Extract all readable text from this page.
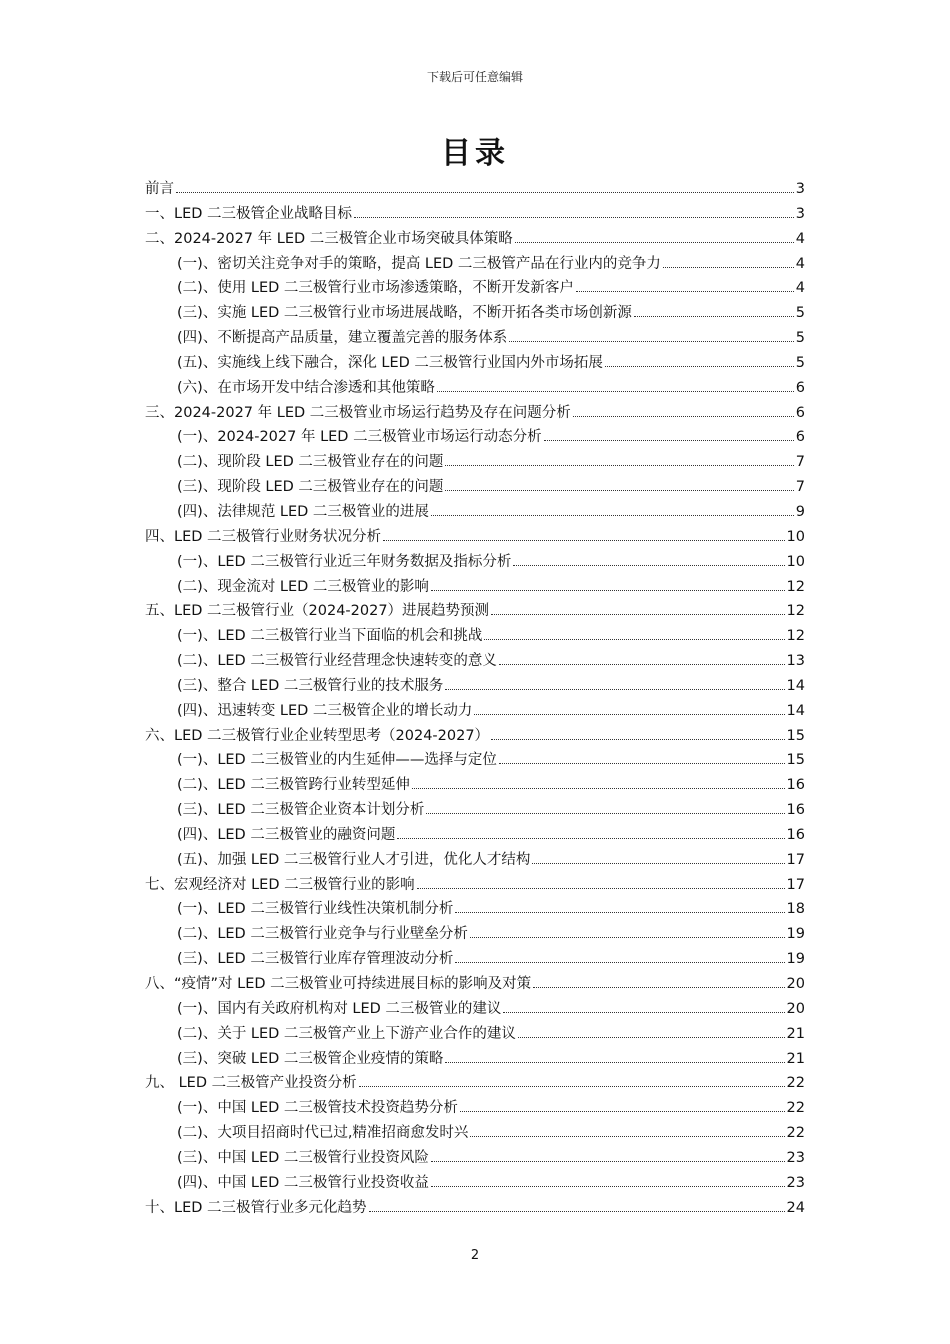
下载后可任意编辑
目录
前言	3
一、LED 二三极管企业战略目标	3
二、2024-2027 年 LED 二三极管企业市场突破具体策略	4
(一)、密切关注竞争对手的策略，提高 LED 二三极管产品在行业内的竞争力	4
(二)、使用 LED 二三极管行业市场渗透策略，不断开发新客户	4
(三)、实施 LED 二三极管行业市场进展战略，不断开拓各类市场创新源	5
(四)、不断提高产品质量，建立覆盖完善的服务体系	5
(五)、实施线上线下融合，深化 LED 二三极管行业国内外市场拓展	5
(六)、在市场开发中结合渗透和其他策略	6
三、2024-2027 年 LED 二三极管业市场运行趋势及存在问题分析	6
(一)、2024-2027 年 LED 二三极管业市场运行动态分析	6
(二)、现阶段 LED 二三极管业存在的问题	7
(三)、现阶段 LED 二三极管业存在的问题	7
(四)、法律规范 LED 二三极管业的进展	9
四、LED 二三极管行业财务状况分析	10
(一)、LED 二三极管行业近三年财务数据及指标分析	10
(二)、现金流对 LED 二三极管业的影响	12
五、LED 二三极管行业（2024-2027）进展趋势预测	12
(一)、LED 二三极管行业当下面临的机会和挑战	12
(二)、LED 二三极管行业经营理念快速转变的意义	13
(三)、整合 LED 二三极管行业的技术服务	14
(四)、迅速转变 LED 二三极管企业的增长动力	14
六、LED 二三极管行业企业转型思考（2024-2027）	15
(一)、LED 二三极管业的内生延伸——选择与定位	15
(二)、LED 二三极管跨行业转型延伸	16
(三)、LED 二三极管企业资本计划分析	16
(四)、LED 二三极管业的融资问题	16
(五)、加强 LED 二三极管行业人才引进，优化人才结构	17
七、宏观经济对 LED 二三极管行业的影响	17
(一)、LED 二三极管行业线性决策机制分析	18
(二)、LED 二三极管行业竞争与行业壁垒分析	19
(三)、LED 二三极管行业库存管理波动分析	19
八、“疫情”对 LED 二三极管业可持续进展目标的影响及对策	20
(一)、国内有关政府机构对 LED 二三极管业的建议	20
(二)、关于 LED 二三极管产业上下游产业合作的建议	21
(三)、突破 LED 二三极管企业疫情的策略	21
九、 LED 二三极管产业投资分析	22
(一)、中国 LED 二三极管技术投资趋势分析	22
(二)、大项目招商时代已过,精准招商愈发时兴	22
(三)、中国 LED 二三极管行业投资风险	23
(四)、中国 LED 二三极管行业投资收益	23
十、LED 二三极管行业多元化趋势	24
2
